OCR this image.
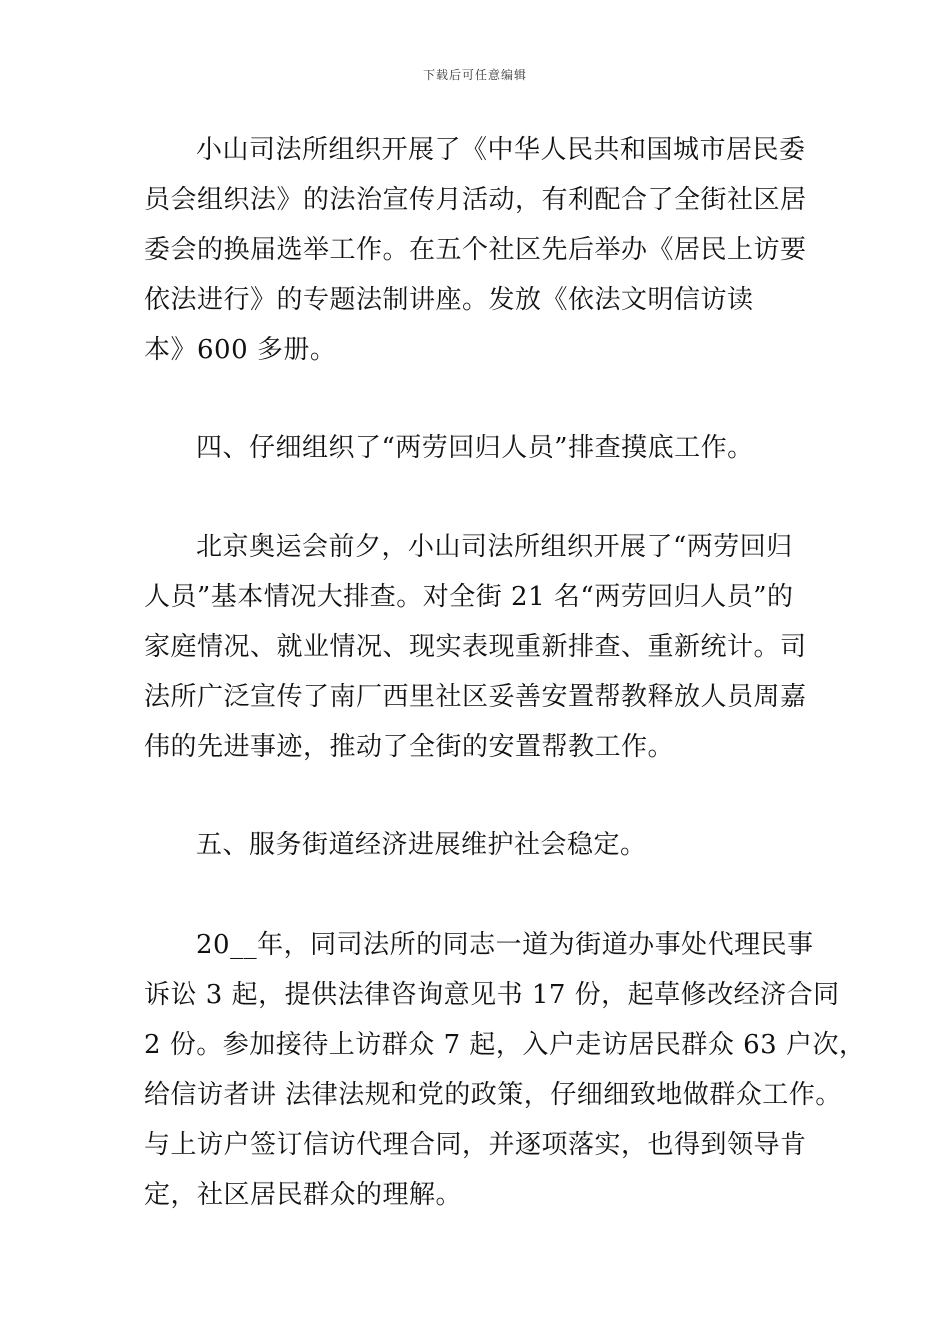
下载后可任意编辑
小山司法所组织开展了《中华人民共和国城市居民委
员会组织法》的法治宣传月活动，有利配合了全街社区居
委会的换届选举工作。在五个社区先后举办《居民上访要
依法进行》的专题法制讲座。发放《依法文明信访读
本》600 多册。
四、仔细组织了“两劳回归人员”排查摸底工作。
北京奥运会前夕，小山司法所组织开展了“两劳回归
人员”基本情况大排查。对全街 21 名“两劳回归人员”的
家庭情况、就业情况、现实表现重新排查、重新统计。司
法所广泛宣传了南厂西里社区妥善安置帮教释放人员周嘉
伟的先进事迹，推动了全街的安置帮教工作。
五、服务街道经济进展维护社会稳定。
20__年，同司法所的同志一道为街道办事处代理民事
诉讼 3 起，提供法律咨询意见书 17 份，起草修改经济合同
2 份。参加接待上访群众 7 起，入户走访居民群众 63 户次，
给信访者讲 法律法规和党的政策，仔细细致地做群众工作。
与上访户签订信访代理合同，并逐项落实，也得到领导肯
定，社区居民群众的理解。
